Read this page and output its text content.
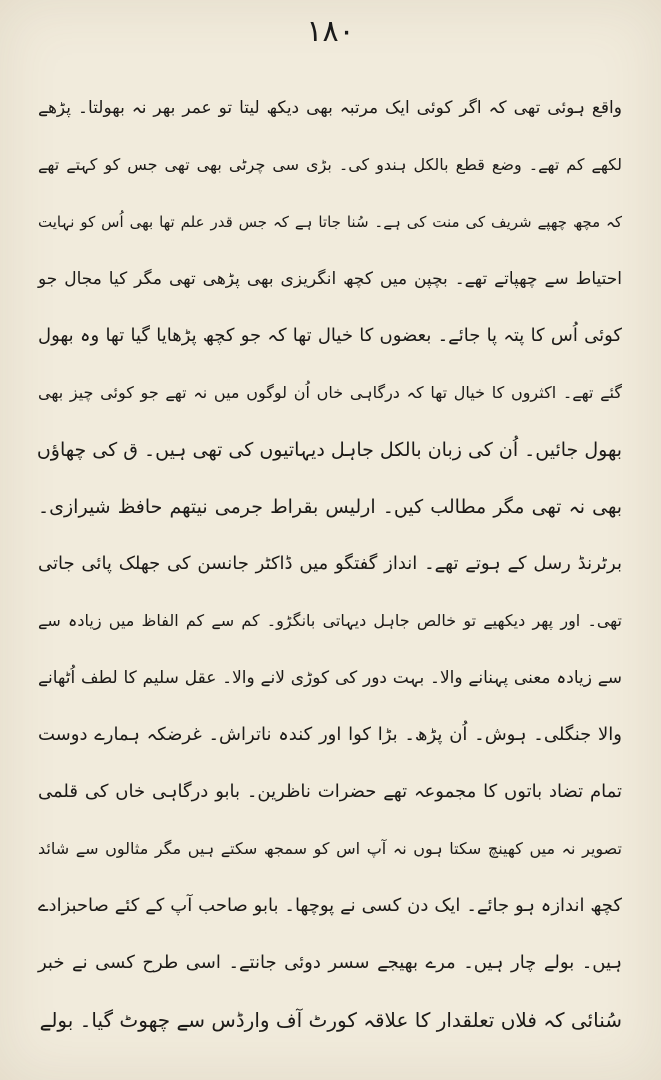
۱۸۰
واقع ہوئی تھی کہ اگر کوئی ایک مرتبہ بھی دیکھ لیتا تو عمر بھر نہ بھولتا۔ پڑھے
لکھے کم تھے۔ وضع قطع بالکل ہندو کی۔ بڑی سی چرٹی بھی تھی جس کو کہتے تھے
کہ مچھ چھپے شریف کی منت کی ہے۔ سُنا جاتا ہے کہ جس قدر علم تھا بھی اُس کو نہایت
احتیاط سے چھپاتے تھے۔ بچپن میں کچھ انگریزی بھی پڑھی تھی مگر کیا مجال جو
کوئی اُس کا پتہ پا جائے۔ بعضوں کا خیال تھا کہ جو کچھ پڑھایا گیا تھا وہ بھول
گئے تھے۔ اکثروں کا خیال تھا کہ درگاہی خاں اُن لوگوں میں نہ تھے جو کوئی چیز بھی
بھول جائیں۔ اُن کی زبان بالکل جاہل دیہاتیوں کی تھی ہیں۔ ق کی چھاؤں
بھی نہ تھی مگر مطالب کیں۔ ارلیس بقراط جرمی نیتھم حافظ شیرازی۔
برٹرنڈ رسل کے ہوتے تھے۔ انداز گفتگو میں ڈاکٹر جانسن کی جھلک پائی جاتی
تھی۔ اور پھر دیکھیے تو خالص جاہل دیہاتی بانگڑو۔ کم سے کم الفاظ میں زیادہ سے
سے زیادہ معنی پہنانے والا۔ بہت دور کی کوڑی لانے والا۔ عقل سلیم کا لطف اُٹھانے
والا جنگلی۔ ہوش۔ اُن پڑھ۔ بڑا کوا اور کندہ ناتراش۔ غرضکہ ہمارے دوست
تمام تضاد باتوں کا مجموعہ تھے حضرات ناظرین۔ بابو درگاہی خاں کی قلمی
تصویر نہ میں کھینچ سکتا ہوں نہ آپ اس کو سمجھ سکتے ہیں مگر مثالوں سے شائد
کچھ اندازہ ہو جائے۔ ایک دن کسی نے پوچھا۔ بابو صاحب آپ کے کئے صاحبزادے
ہیں۔ بولے چار ہیں۔ مرے بھیجے سسر دوئی جانتے۔ اسی طرح کسی نے خبر
سُنائی کہ فلاں تعلقدار کا علاقہ کورٹ آف وارڈس سے چھوٹ گیا۔ بولے
